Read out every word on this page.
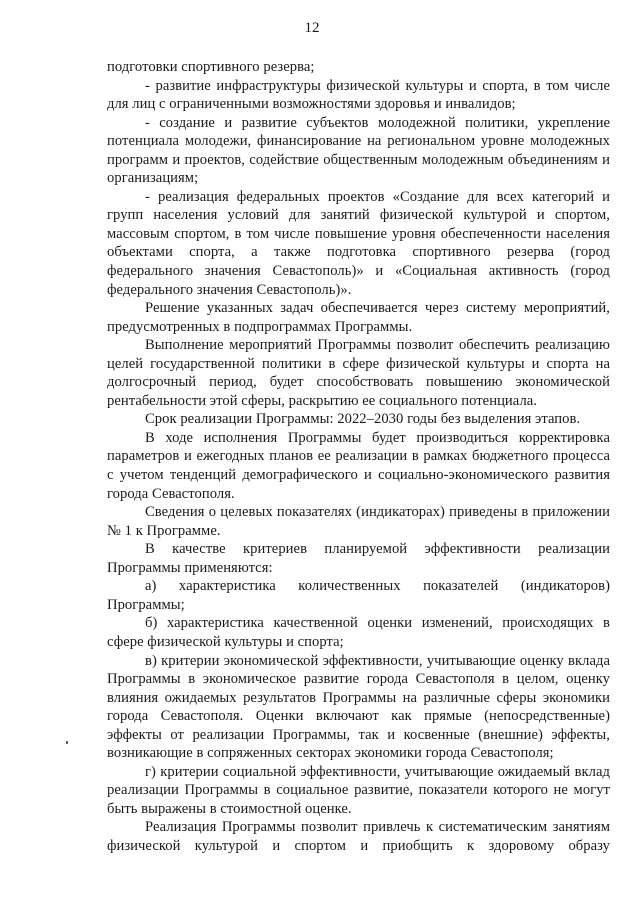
12

подготовки спортивного резерва;

- развитие инфраструктуры физической культуры и спорта, в том числе для лиц с ограниченными возможностями здоровья и инвалидов;

- создание и развитие субъектов молодежной политики, укрепление потенциала молодежи, финансирование на региональном уровне молодежных программ и проектов, содействие общественным молодежным объединениям и организациям;

- реализация федеральных проектов «Создание для всех категорий и групп населения условий для занятий физической культурой и спортом, массовым спортом, в том числе повышение уровня обеспеченности населения объектами спорта, а также подготовка спортивного резерва (город федерального значения Севастополь)» и «Социальная активность (город федерального значения Севастополь)».

Решение указанных задач обеспечивается через систему мероприятий, предусмотренных в подпрограммах Программы.

Выполнение мероприятий Программы позволит обеспечить реализацию целей государственной политики в сфере физической культуры и спорта на долгосрочный период, будет способствовать повышению экономической рентабельности этой сферы, раскрытию ее социального потенциала.

Срок реализации Программы: 2022–2030 годы без выделения этапов.

В ходе исполнения Программы будет производиться корректировка параметров и ежегодных планов ее реализации в рамках бюджетного процесса с учетом тенденций демографического и социально-экономического развития города Севастополя.

Сведения о целевых показателях (индикаторах) приведены в приложении № 1 к Программе.

В качестве критериев планируемой эффективности реализации Программы применяются:

а) характеристика количественных показателей (индикаторов) Программы;

б) характеристика качественной оценки изменений, происходящих в сфере физической культуры и спорта;

в) критерии экономической эффективности, учитывающие оценку вклада Программы в экономическое развитие города Севастополя в целом, оценку влияния ожидаемых результатов Программы на различные сферы экономики города Севастополя. Оценки включают как прямые (непосредственные) эффекты от реализации Программы, так и косвенные (внешние) эффекты, возникающие в сопряженных секторах экономики города Севастополя;

г) критерии социальной эффективности, учитывающие ожидаемый вклад реализации Программы в социальное развитие, показатели которого не могут быть выражены в стоимостной оценке.

Реализация Программы позволит привлечь к систематическим занятиям физической культурой и спортом и приобщить к здоровому образу
